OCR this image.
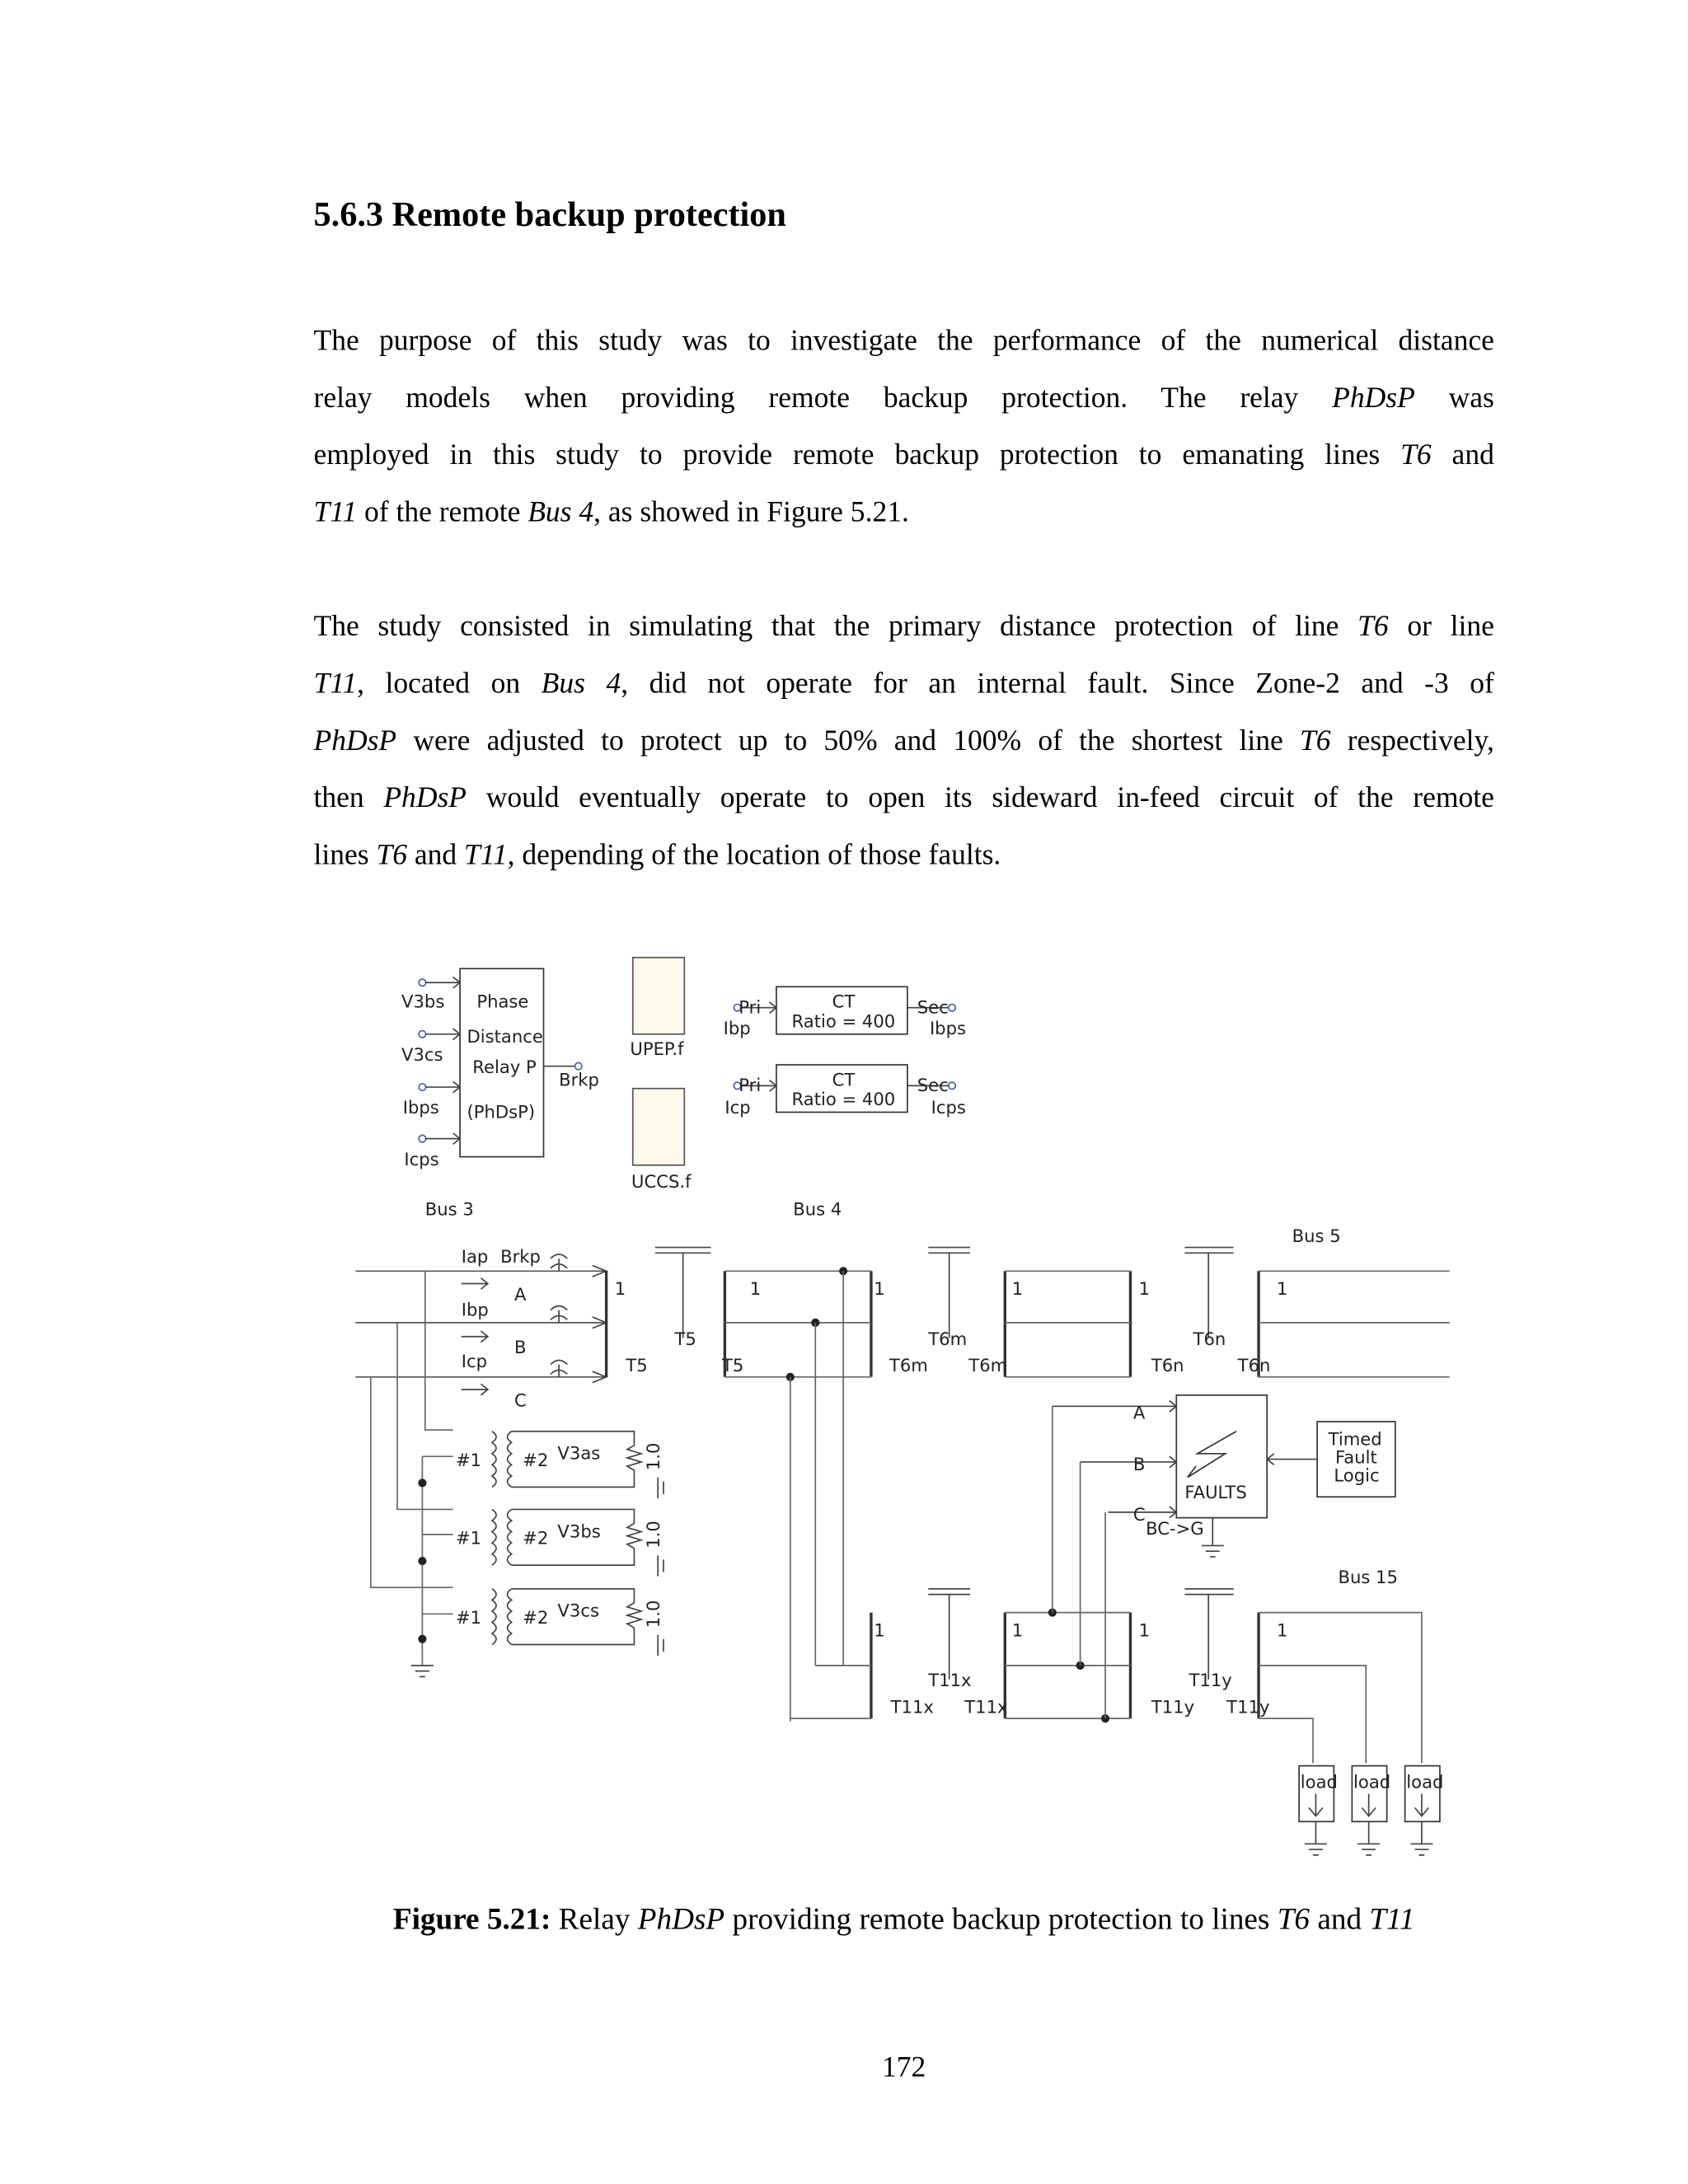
5.6.3 Remote backup protection
The purpose of this study was to investigate the performance of the numerical distance
relay models when providing remote backup protection. The relay PhDsP was
employed in this study to provide remote backup protection to emanating lines T6 and
T11 of the remote Bus 4, as showed in Figure 5.21.
The study consisted in simulating that the primary distance protection of line T6 or line
T11, located on Bus 4, did not operate for an internal fault. Since Zone-2 and -3 of
PhDsP were adjusted to protect up to 50% and 100% of the shortest line T6 respectively,
then PhDsP would eventually operate to open its sideward in-feed circuit of the remote
lines T6 and T11, depending of the location of those faults.
Phase
Distance
Relay P
(PhDsP)
V3bs
V3cs
Ibps
Icps
Brkp
UPEP.f
UCCS.f
CT
Ratio = 400
Pri	Sec
Ibp	Ibps
CT
Ratio = 400
Pri	Sec
Icp	Icps
Bus 3	Bus 4
Bus 5
Bus 15
Iap Brkp
Ibp
Icp
A
B
C
#1	#2 V3as	1.0
#1	#2 V3bs	1.0
#1	#2 V3cs	1.0
1	1	1	1	1	1
T5	T6m	T6n
T5	T5	T6m	T6m	T6n	T6n
FAULTS
BC->G
A
B
C
Timed
Fault
Logic
1	1	1	1
T11x	T11y
T11x	T11x	T11y	T11y
load load load

Figure 5.21: Relay PhDsP providing remote backup protection to lines T6 and T11

172
